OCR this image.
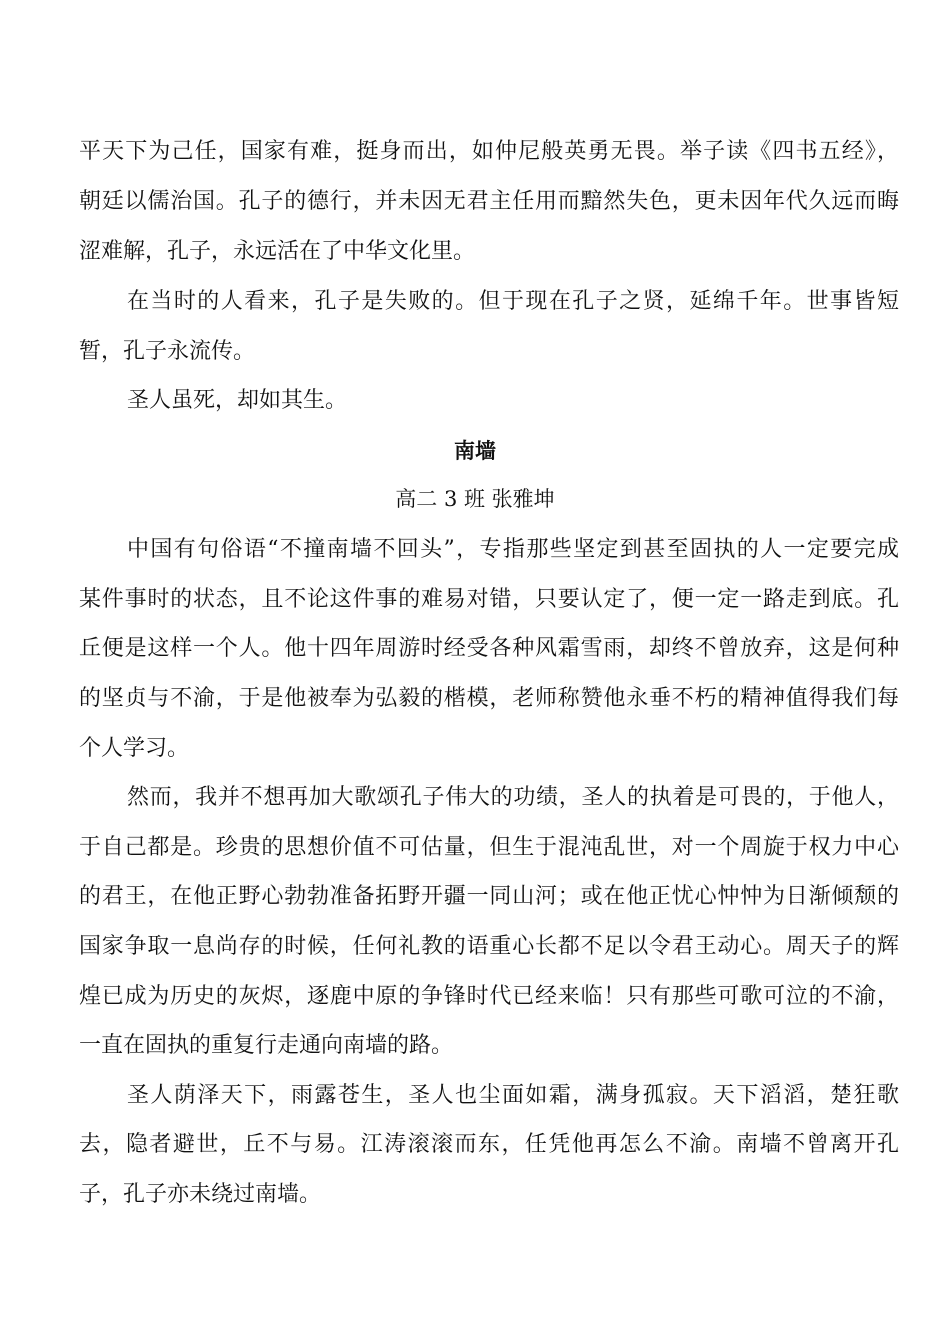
平天下为己任，国家有难，挺身而出，如仲尼般英勇无畏。举子读《四书五经》，
朝廷以儒治国。孔子的德行，并未因无君主任用而黯然失色，更未因年代久远而晦
涩难解，孔子，永远活在了中华文化里。
在当时的人看来，孔子是失败的。但于现在孔子之贤，延绵千年。世事皆短
暂，孔子永流传。
圣人虽死，却如其生。
南墙
高二 3 班 张雅坤
中国有句俗语“不撞南墙不回头”，专指那些坚定到甚至固执的人一定要完成
某件事时的状态，且不论这件事的难易对错，只要认定了，便一定一路走到底。孔
丘便是这样一个人。他十四年周游时经受各种风霜雪雨，却终不曾放弃，这是何种
的坚贞与不渝，于是他被奉为弘毅的楷模，老师称赞他永垂不朽的精神值得我们每
个人学习。
然而，我并不想再加大歌颂孔子伟大的功绩，圣人的执着是可畏的，于他人，
于自己都是。珍贵的思想价值不可估量，但生于混沌乱世，对一个周旋于权力中心
的君王，在他正野心勃勃准备拓野开疆一同山河；或在他正忧心忡忡为日渐倾颓的
国家争取一息尚存的时候，任何礼教的语重心长都不足以令君王动心。周天子的辉
煌已成为历史的灰烬，逐鹿中原的争锋时代已经来临！只有那些可歌可泣的不渝，
一直在固执的重复行走通向南墙的路。
圣人荫泽天下，雨露苍生，圣人也尘面如霜，满身孤寂。天下滔滔，楚狂歌
去，隐者避世，丘不与易。江涛滚滚而东，任凭他再怎么不渝。南墙不曾离开孔
子，孔子亦未绕过南墙。
